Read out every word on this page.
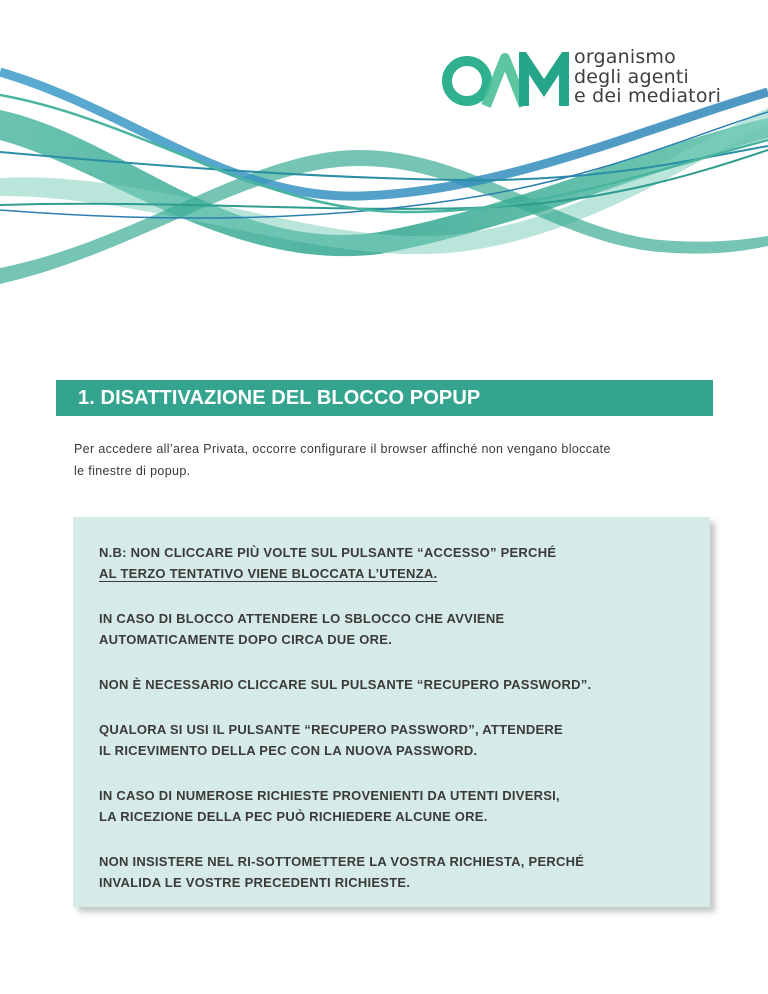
organismo
degli agenti
e dei mediatori
1. DISATTIVAZIONE DEL BLOCCO POPUP
Per accedere all’area Privata, occorre configurare il browser affinché non vengano bloccate
le finestre di popup.

N.B: NON CLICCARE PIÙ VOLTE SUL PULSANTE “ACCESSO” PERCHÉ
AL TERZO TENTATIVO VIENE BLOCCATA L’UTENZA.

IN CASO DI BLOCCO ATTENDERE LO SBLOCCO CHE AVVIENE
AUTOMATICAMENTE DOPO CIRCA DUE ORE.

NON È NECESSARIO CLICCARE SUL PULSANTE “RECUPERO PASSWORD”.

QUALORA SI USI IL PULSANTE “RECUPERO PASSWORD”, ATTENDERE
IL RICEVIMENTO DELLA PEC CON LA NUOVA PASSWORD.

IN CASO DI NUMEROSE RICHIESTE PROVENIENTI DA UTENTI DIVERSI,
LA RICEZIONE DELLA PEC PUÒ RICHIEDERE ALCUNE ORE.

NON INSISTERE NEL RI-SOTTOMETTERE LA VOSTRA RICHIESTA, PERCHÉ
INVALIDA LE VOSTRE PRECEDENTI RICHIESTE.
